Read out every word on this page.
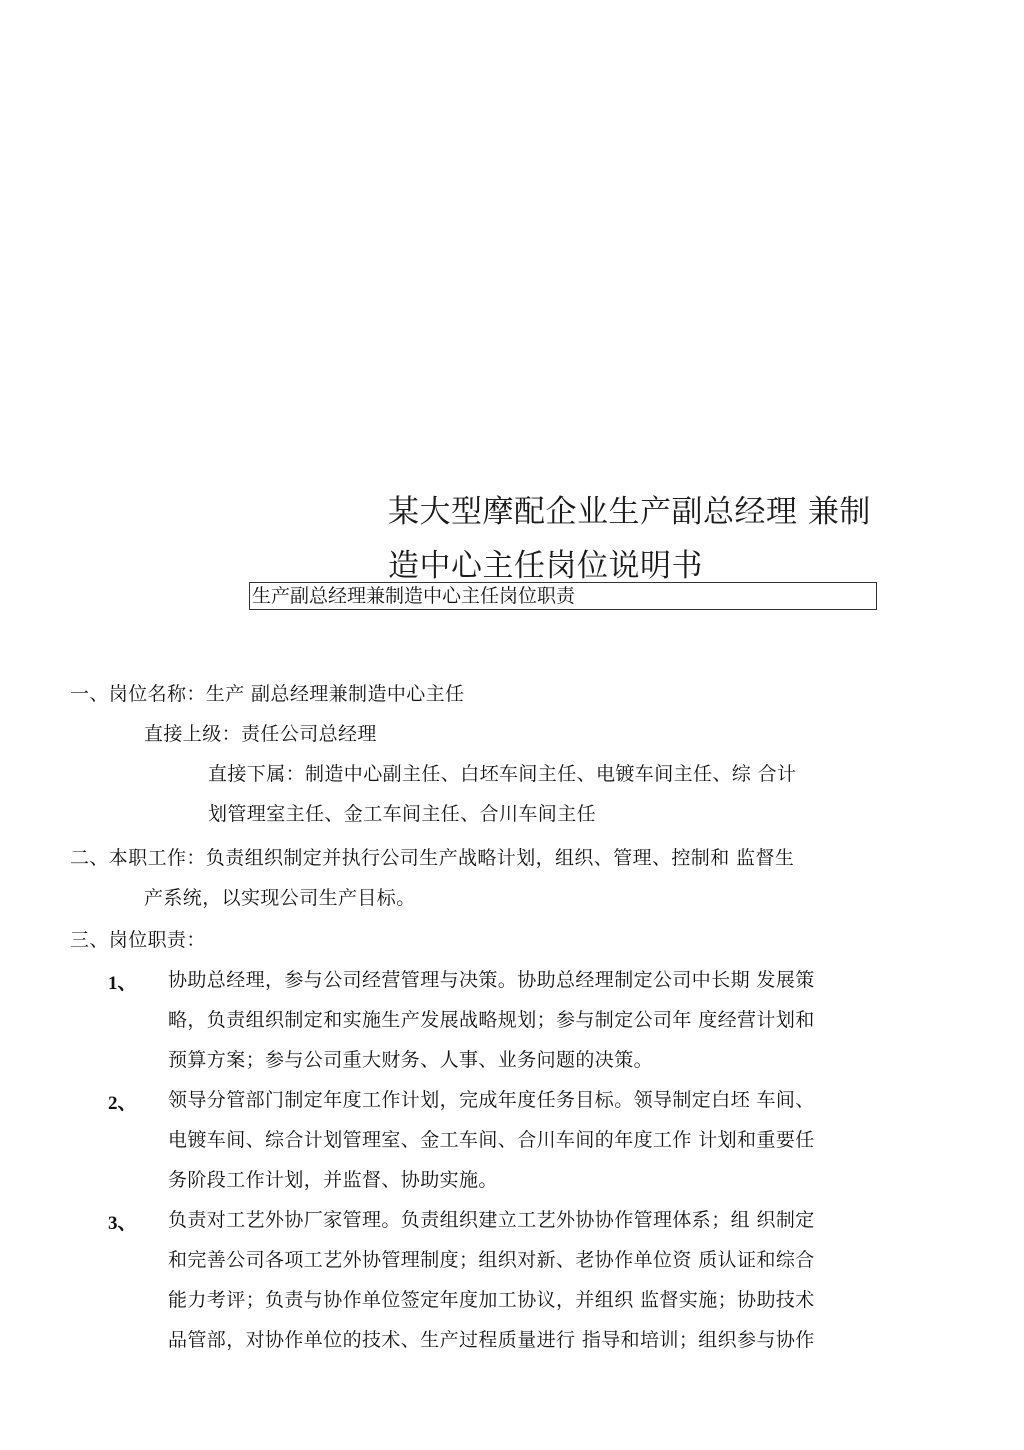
某大型摩配企业生产副总经理 兼制
造中心主任岗位说明书
生产副总经理兼制造中心主任岗位职责
一、岗位名称：生产 副总经理兼制造中心主任
直接上级：责任公司总经理
直接下属：制造中心副主任、白坯车间主任、电镀车间主任、综 合计
划管理室主任、金工车间主任、合川车间主任
二、本职工作：负责组织制定并执行公司生产战略计划，组织、管理、控制和 监督生
产系统，以实现公司生产目标。
三、岗位职责：
1、 协助总经理，参与公司经营管理与决策。协助总经理制定公司中长期 发展策
略，负责组织制定和实施生产发展战略规划；参与制定公司年 度经营计划和
预算方案；参与公司重大财务、人事、业务问题的决策。
2、 领导分管部门制定年度工作计划，完成年度任务目标。领导制定白坯 车间、
电镀车间、综合计划管理室、金工车间、合川车间的年度工作 计划和重要任
务阶段工作计划，并监督、协助实施。
3、 负责对工艺外协厂家管理。负责组织建立工艺外协协作管理体系；组 织制定
和完善公司各项工艺外协管理制度；组织对新、老协作单位资 质认证和综合
能力考评；负责与协作单位签定年度加工协议，并组织 监督实施；协助技术
品管部，对协作单位的技术、生产过程质量进行 指导和培训；组织参与协作
